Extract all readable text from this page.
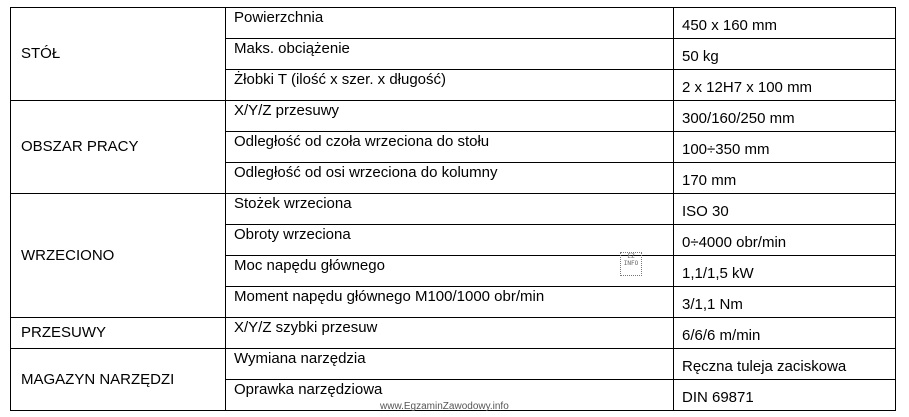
STÓŁ	Powierzchnia	450 x 160 mm
	Maks. obciążenie	50 kg
	Żłobki T (ilość x szer. x długość)	2 x 12H7 x 100 mm
OBSZAR PRACY	X/Y/Z przesuwy	300/160/250 mm
	Odległość od czoła wrzeciona do stołu	100÷350 mm
	Odległość od osi wrzeciona do kolumny	170 mm
WRZECIONO	Stożek wrzeciona	ISO 30
	Obroty wrzeciona	0÷4000 obr/min
	Moc napędu głównego	1,1/1,5 kW
	Moment napędu głównego M100/1000 obr/min	3/1,1 Nm
PRZESUWY	X/Y/Z szybki przesuw	6/6/6 m/min
MAGAZYN NARZĘDZI	Wymiana narzędzia	Ręczna tuleja zaciskowa
	Oprawka narzędziowa	DIN 69871
EZ
INFO
www.EgzaminZawodowy.info
